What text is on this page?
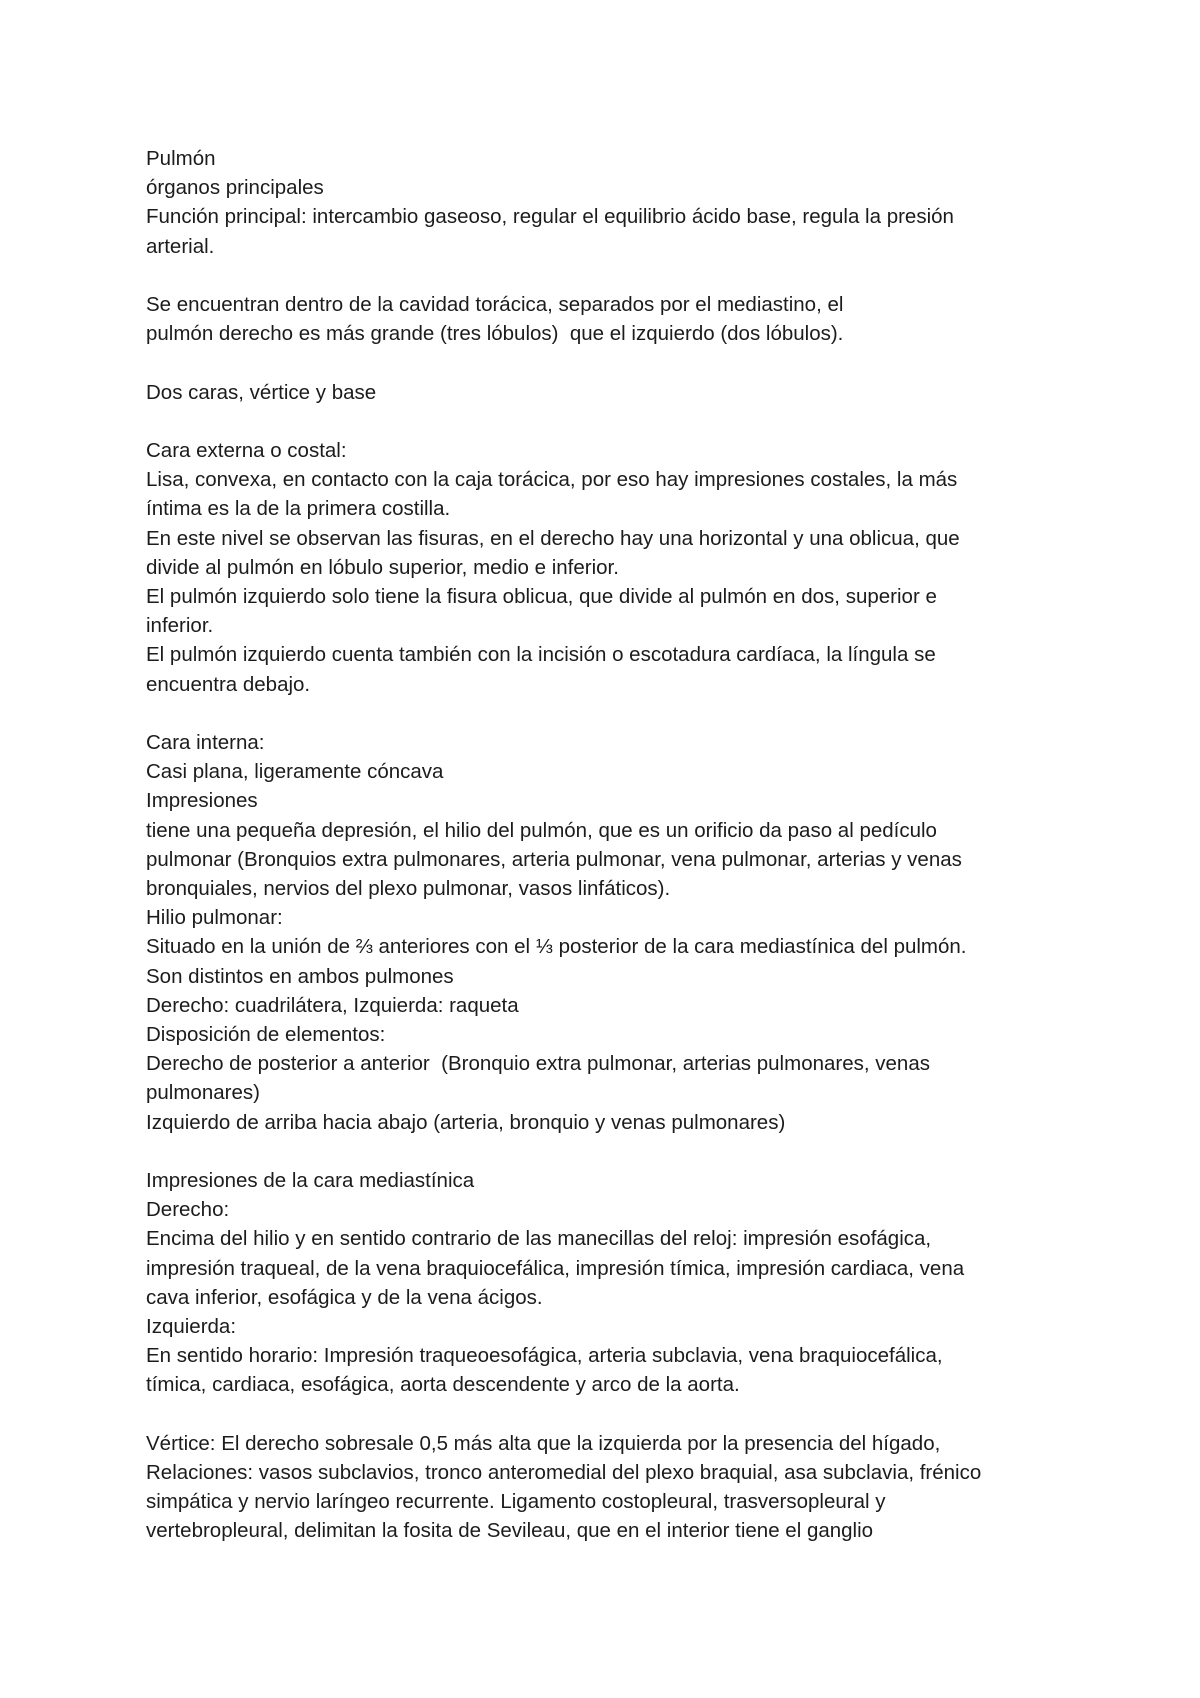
Pulmón
órganos principales
Función principal: intercambio gaseoso, regular el equilibrio ácido base, regula la presión
arterial.
Se encuentran dentro de la cavidad torácica, separados por el mediastino, el
pulmón derecho es más grande (tres lóbulos)  que el izquierdo (dos lóbulos).
Dos caras, vértice y base
Cara externa o costal:
Lisa, convexa, en contacto con la caja torácica, por eso hay impresiones costales, la más
íntima es la de la primera costilla.
En este nivel se observan las fisuras, en el derecho hay una horizontal y una oblicua, que
divide al pulmón en lóbulo superior, medio e inferior.
El pulmón izquierdo solo tiene la fisura oblicua, que divide al pulmón en dos, superior e
inferior.
El pulmón izquierdo cuenta también con la incisión o escotadura cardíaca, la língula se
encuentra debajo.
Cara interna:
Casi plana, ligeramente cóncava
Impresiones
tiene una pequeña depresión, el hilio del pulmón, que es un orificio da paso al pedículo
pulmonar (Bronquios extra pulmonares, arteria pulmonar, vena pulmonar, arterias y venas
bronquiales, nervios del plexo pulmonar, vasos linfáticos).
Hilio pulmonar:
Situado en la unión de ⅔ anteriores con el ⅓ posterior de la cara mediastínica del pulmón.
Son distintos en ambos pulmones
Derecho: cuadrilátera, Izquierda: raqueta
Disposición de elementos:
Derecho de posterior a anterior  (Bronquio extra pulmonar, arterias pulmonares, venas
pulmonares)
Izquierdo de arriba hacia abajo (arteria, bronquio y venas pulmonares)
Impresiones de la cara mediastínica
Derecho:
Encima del hilio y en sentido contrario de las manecillas del reloj: impresión esofágica,
impresión traqueal, de la vena braquiocefálica, impresión tímica, impresión cardiaca, vena
cava inferior, esofágica y de la vena ácigos.
Izquierda:
En sentido horario: Impresión traqueoesofágica, arteria subclavia, vena braquiocefálica,
tímica, cardiaca, esofágica, aorta descendente y arco de la aorta.
Vértice: El derecho sobresale 0,5 más alta que la izquierda por la presencia del hígado,
Relaciones: vasos subclavios, tronco anteromedial del plexo braquial, asa subclavia, frénico
simpática y nervio laríngeo recurrente. Ligamento costopleural, trasversopleural y
vertebropleural, delimitan la fosita de Sevileau, que en el interior tiene el ganglio
